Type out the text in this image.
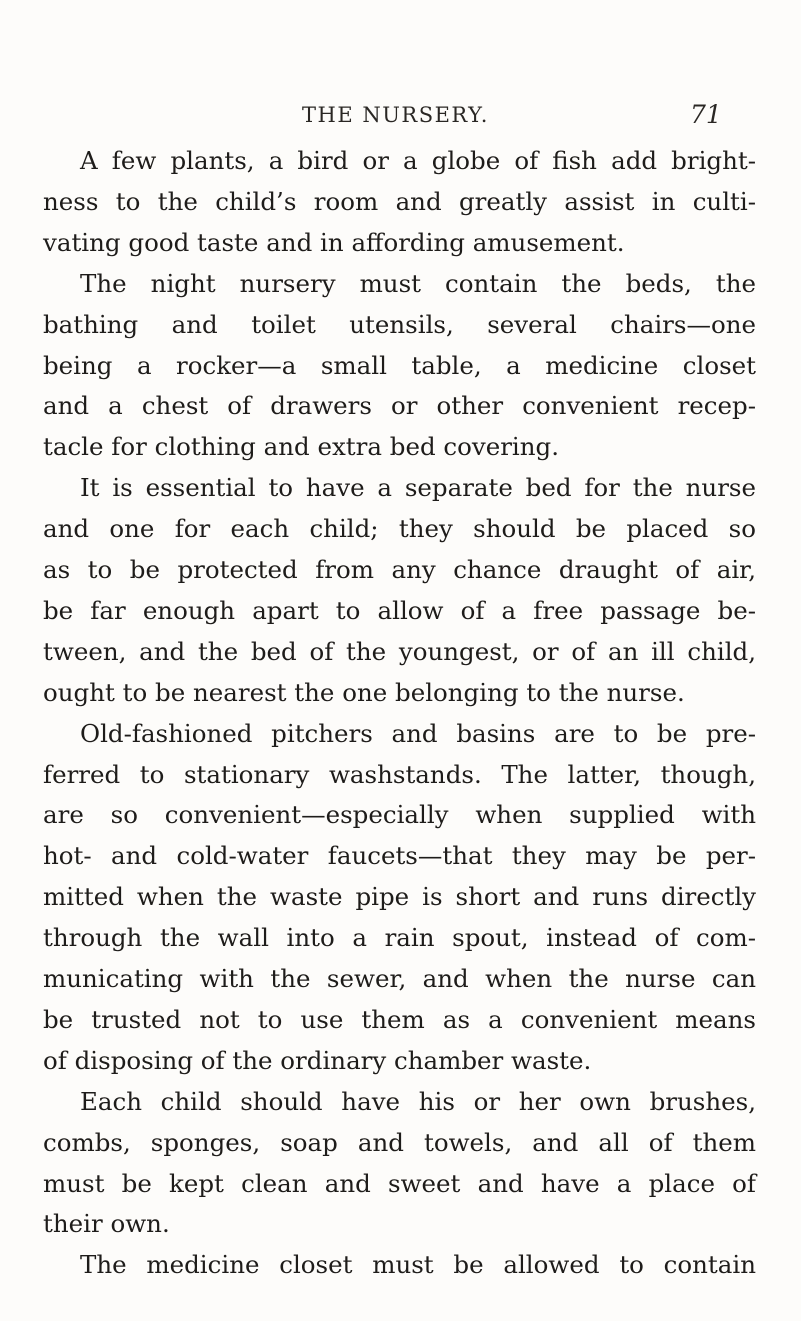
THE NURSERY.	71
A few plants, a bird or a globe of fish add bright-
ness to the child’s room and greatly assist in culti-
vating good taste and in affording amusement.
The night nursery must contain the beds, the
bathing and toilet utensils, several chairs—one
being a rocker—a small table, a medicine closet
and a chest of drawers or other convenient recep-
tacle for clothing and extra bed covering.
It is essential to have a separate bed for the nurse
and one for each child; they should be placed so
as to be protected from any chance draught of air,
be far enough apart to allow of a free passage be-
tween, and the bed of the youngest, or of an ill child,
ought to be nearest the one belonging to the nurse.
Old-fashioned pitchers and basins are to be pre-
ferred to stationary washstands. The latter, though,
are so convenient—especially when supplied with
hot- and cold-water faucets—that they may be per-
mitted when the waste pipe is short and runs directly
through the wall into a rain spout, instead of com-
municating with the sewer, and when the nurse can
be trusted not to use them as a convenient means
of disposing of the ordinary chamber waste.
Each child should have his or her own brushes,
combs, sponges, soap and towels, and all of them
must be kept clean and sweet and have a place of
their own.
The medicine closet must be allowed to contain
